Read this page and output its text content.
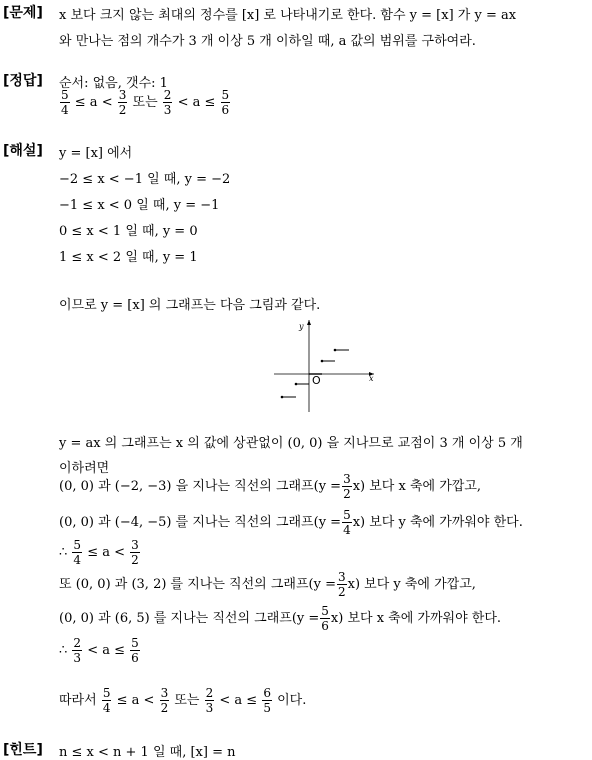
[문제] x 보다 크지 않는 최대의 정수를 [x] 로 나타내기로 한다. 함수 y = [x] 가 y = ax
와 만나는 점의 개수가 3 개 이상 5 개 이하일 때, a 값의 범위를 구하여라.
[정답] 순서: 없음, 갯수: 1
$\frac{5}{4} \le a < \frac{3}{2}$ 또는 $\frac{2}{3} < a \le \frac{5}{6}$
[해설] y = [x] 에서
−2 ≤ x < −1 일 때, y = −2
−1 ≤ x < 0 일 때, y = −1
0 ≤ x < 1 일 때, y = 0
1 ≤ x < 2 일 때, y = 1
이므로 y = [x] 의 그래프는 다음 그림과 같다.
x
y
O
y = ax 의 그래프는 x 의 값에 상관없이 (0, 0) 을 지나므로 교점이 3 개 이상 5 개
이하려면
(0, 0) 과 (−2, −3) 을 지나는 직선의 그래프$(y = \frac{3}{2} x)$ 보다 x 축에 가깝고,
(0, 0) 과 (−4, −5) 를 지나는 직선의 그래프$(y = \frac{5}{4} x)$ 보다 y 축에 가까워야 한다.
∴ $\frac{5}{4} \le a < \frac{3}{2}$
또 (0, 0) 과 (3, 2) 를 지나는 직선의 그래프$(y = \frac{3}{2} x)$ 보다 y 축에 가깝고,
(0, 0) 과 (6, 5) 를 지나는 직선의 그래프$(y = \frac{5}{6} x)$ 보다 x 축에 가까워야 한다.
∴ $\frac{2}{3} < a \le \frac{5}{6}$
따라서 $\frac{5}{4} \le a < \frac{3}{2}$ 또는 $\frac{2}{3} < a \le \frac{6}{5}$ 이다.
[힌트] n ≤ x < n + 1 일 때, [x] = n
